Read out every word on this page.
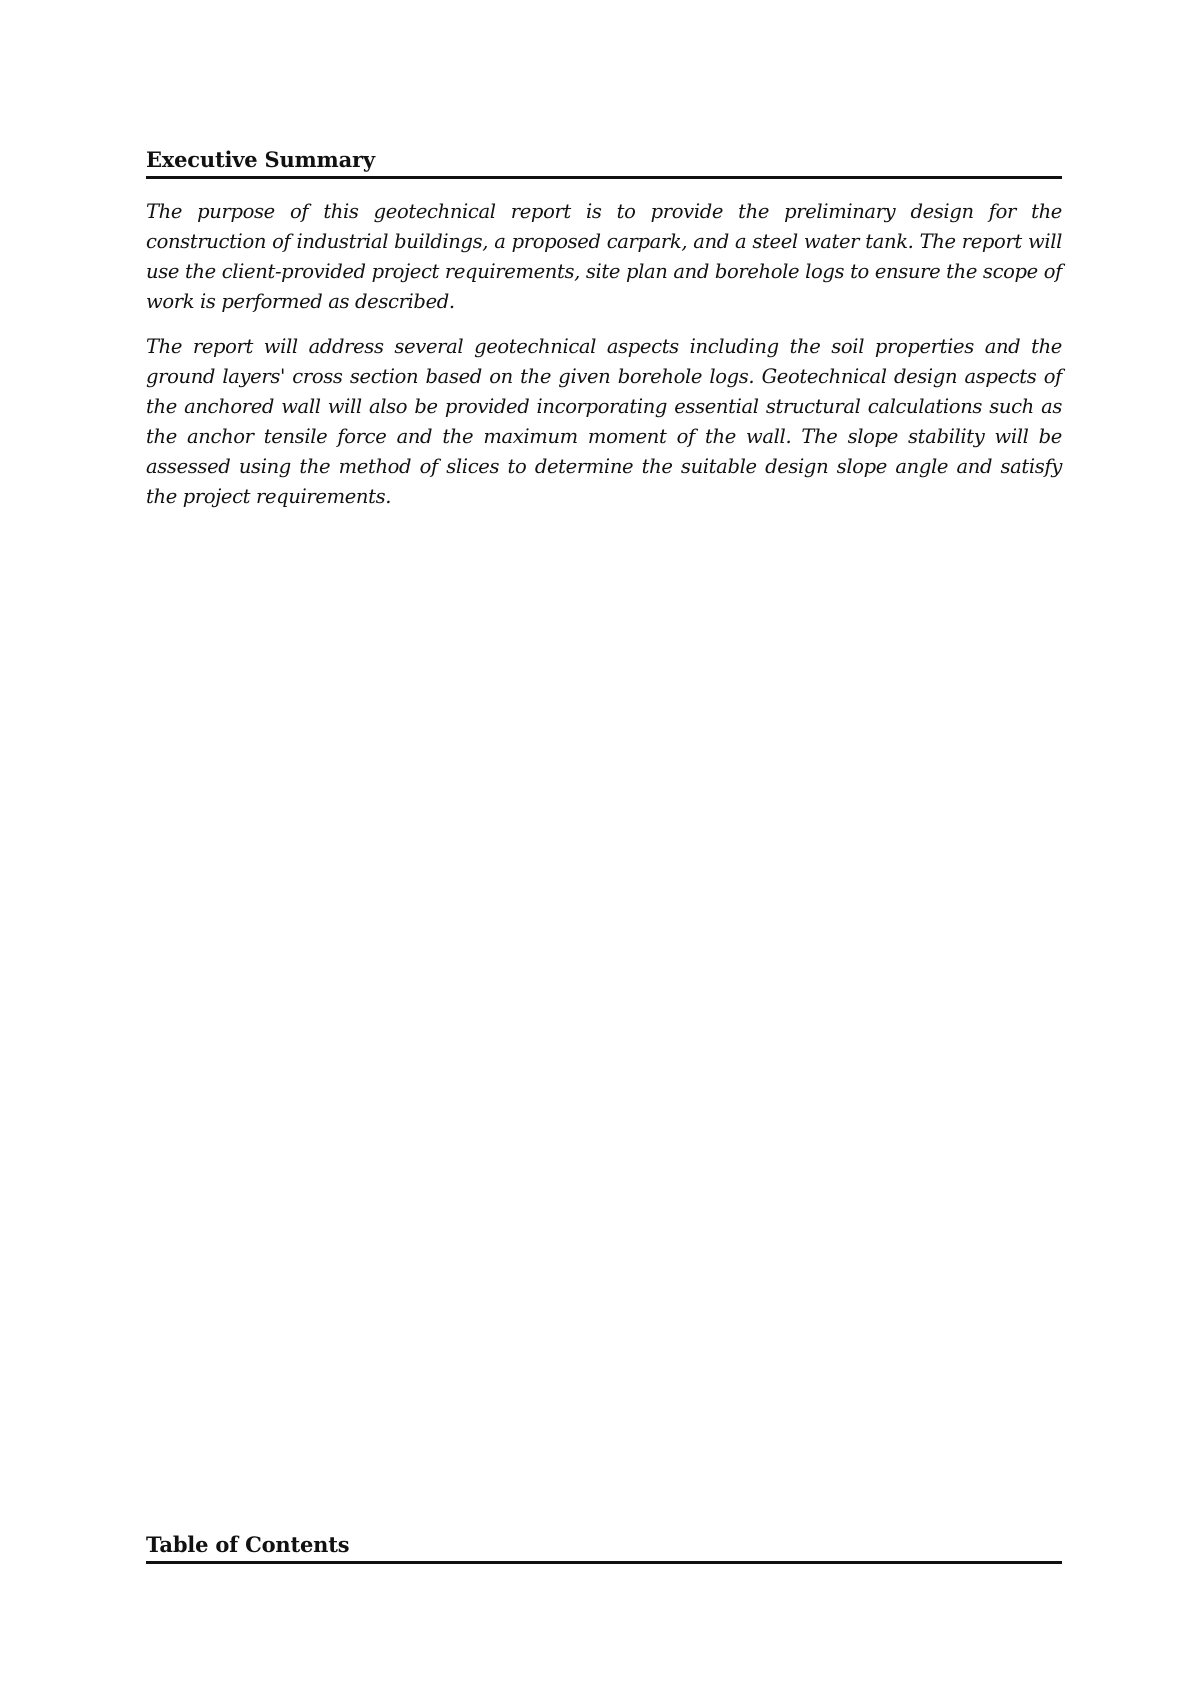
Executive Summary

The purpose of this geotechnical report is to provide the preliminary design for the construction of industrial buildings, a proposed carpark, and a steel water tank. The report will use the client-provided project requirements, site plan and borehole logs to ensure the scope of work is performed as described.

The report will address several geotechnical aspects including the soil properties and the ground layers' cross section based on the given borehole logs. Geotechnical design aspects of the anchored wall will also be provided incorporating essential structural calculations such as the anchor tensile force and the maximum moment of the wall. The slope stability will be assessed using the method of slices to determine the suitable design slope angle and satisfy the project requirements.

Table of Contents
